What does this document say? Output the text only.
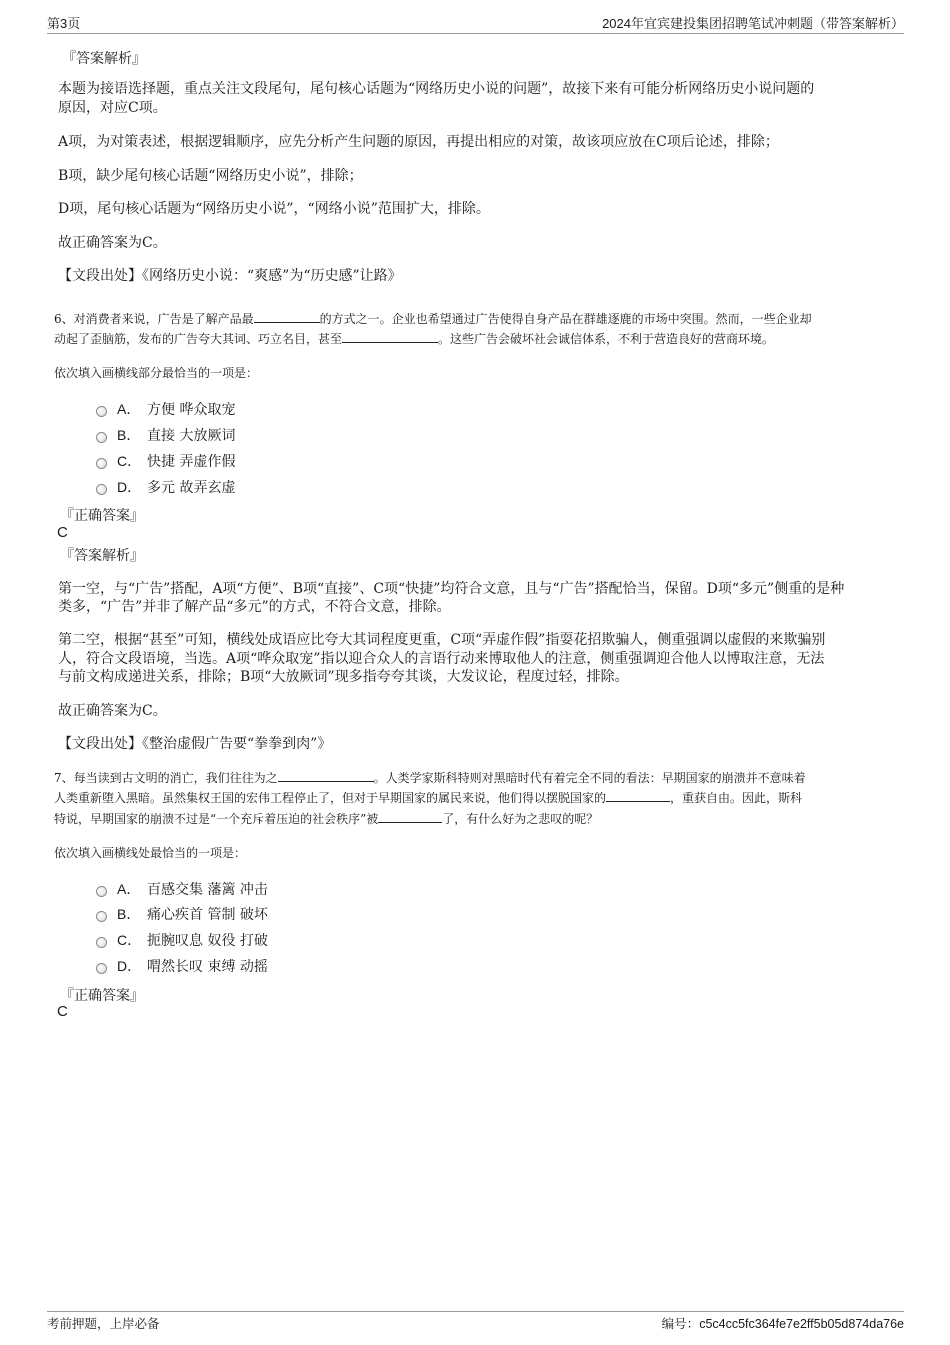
第3页	2024年宜宾建投集团招聘笔试冲刺题（带答案解析）
『答案解析』
本题为接语选择题，重点关注文段尾句，尾句核心话题为“网络历史小说的问题”，故接下来有可能分析网络历史小说问题的
原因，对应C项。
A项，为对策表述，根据逻辑顺序，应先分析产生问题的原因，再提出相应的对策，故该项应放在C项后论述，排除；
B项，缺少尾句核心话题“网络历史小说”，排除；
D项，尾句核心话题为“网络历史小说”，“网络小说”范围扩大，排除。
故正确答案为C。
【文段出处】《网络历史小说：“爽感”为“历史感”让路》
6、对消费者来说，广告是了解产品最	的方式之一。企业也希望通过广告使得自身产品在群雄逐鹿的市场中突围。然而，一些企业却
动起了歪脑筋，发布的广告夸大其词、巧立名目，甚至	。这些广告会破坏社会诚信体系，不利于营造良好的营商环境。
依次填入画横线部分最恰当的一项是：
A． 方便 哗众取宠
B． 直接 大放厥词
C． 快捷 弄虚作假
D． 多元 故弄玄虚
『正确答案』
C
『答案解析』
第一空，与“广告”搭配，A项“方便”、B项“直接”、C项“快捷”均符合文意，且与“广告”搭配恰当，保留。D项“多元”侧重的是种
类多，“广告”并非了解产品“多元”的方式，不符合文意，排除。
第二空，根据“甚至”可知，横线处成语应比夸大其词程度更重，C项“弄虚作假”指耍花招欺骗人，侧重强调以虚假的来欺骗别
人，符合文段语境，当选。A项“哗众取宠”指以迎合众人的言语行动来博取他人的注意，侧重强调迎合他人以博取注意，无法
与前文构成递进关系，排除；B项“大放厥词”现多指夸夸其谈，大发议论，程度过轻，排除。
故正确答案为C。
【文段出处】《整治虚假广告要“拳拳到肉”》
7、每当读到古文明的消亡，我们往往为之	。人类学家斯科特则对黑暗时代有着完全不同的看法：早期国家的崩溃并不意味着
人类重新堕入黑暗。虽然集权王国的宏伟工程停止了，但对于早期国家的属民来说，他们得以摆脱国家的	，重获自由。因此，斯科
特说，早期国家的崩溃不过是“一个充斥着压迫的社会秩序”被	了，有什么好为之悲叹的呢？
依次填入画横线处最恰当的一项是：
A． 百感交集 藩篱 冲击
B． 痛心疾首 管制 破坏
C． 扼腕叹息 奴役 打破
D． 喟然长叹 束缚 动摇
『正确答案』
C
考前押题，上岸必备	编号：c5c4cc5fc364fe7e2ff5b05d874da76e
